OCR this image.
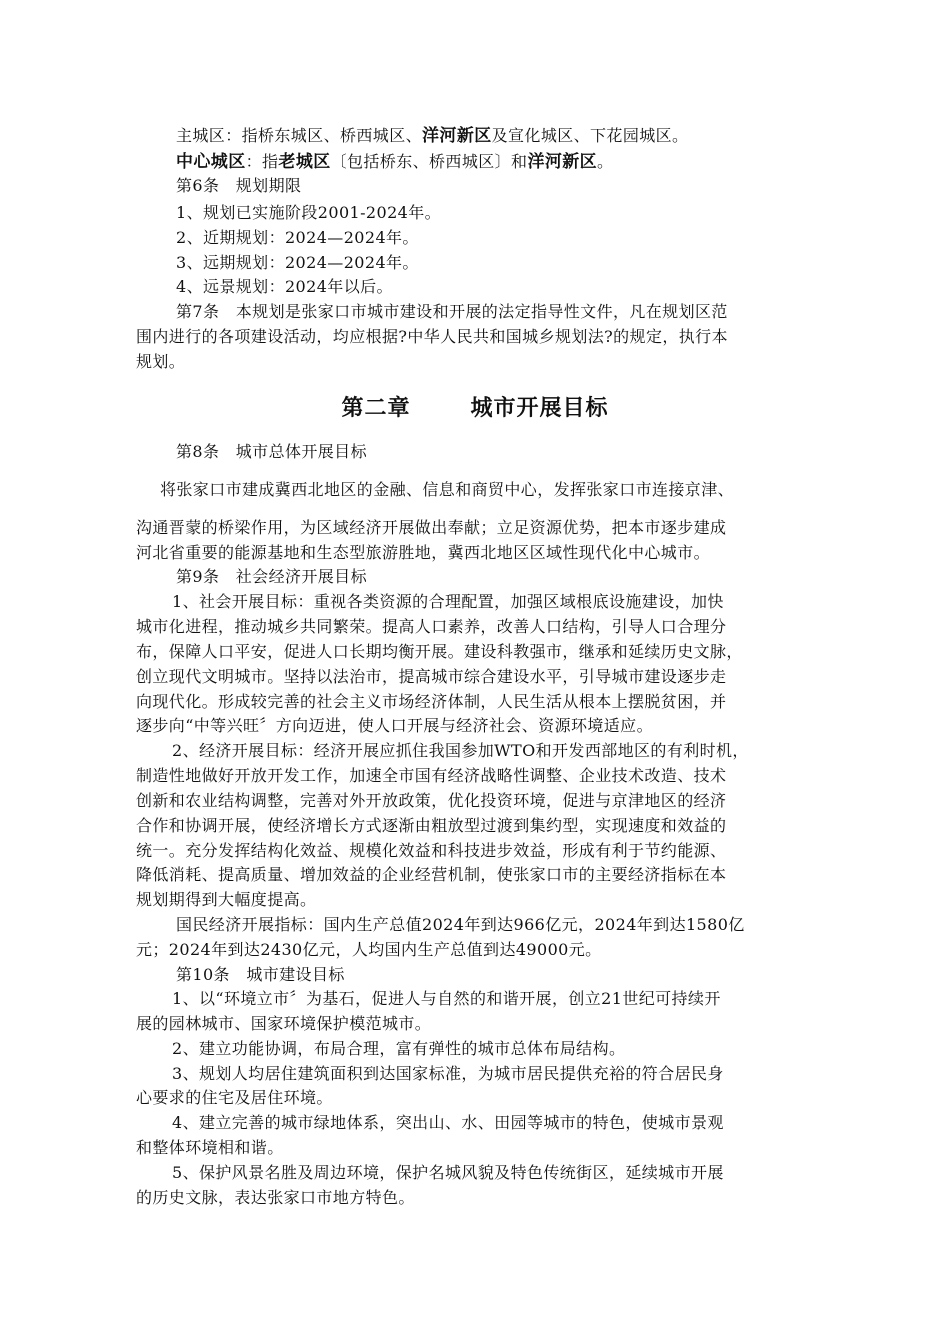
主城区：指桥东城区、桥西城区、洋河新区及宣化城区、下花园城区。
中心城区：指老城区〔包括桥东、桥西城区〕和洋河新区。
第6条　规划期限
1、规划已实施阶段2001-2024年。
2、近期规划：2024—2024年。
3、远期规划：2024—2024年。
4、远景规划：2024年以后。
第7条　本规划是张家口市城市建设和开展的法定指导性文件，凡在规划区范
围内进行的各项建设活动，均应根据?中华人民共和国城乡规划法?的规定，执行本
规划。
第二章	城市开展目标
第8条　城市总体开展目标
将张家口市建成冀西北地区的金融、信息和商贸中心，发挥张家口市连接京津、
沟通晋蒙的桥梁作用，为区域经济开展做出奉献；立足资源优势，把本市逐步建成
河北省重要的能源基地和生态型旅游胜地，冀西北地区区域性现代化中心城市。
第9条　社会经济开展目标
1、社会开展目标：重视各类资源的合理配置，加强区域根底设施建设，加快
城市化进程，推动城乡共同繁荣。提高人口素养，改善人口结构，引导人口合理分
布，保障人口平安，促进人口长期均衡开展。建设科教强市，继承和延续历史文脉，
创立现代文明城市。坚持以法治市，提高城市综合建设水平，引导城市建设逐步走
向现代化。形成较完善的社会主义市场经济体制，人民生活从根本上摆脱贫困，并
逐步向“中等兴旺〞方向迈进，使人口开展与经济社会、资源环境适应。
2、经济开展目标：经济开展应抓住我国参加WTO和开发西部地区的有利时机，
制造性地做好开放开发工作，加速全市国有经济战略性调整、企业技术改造、技术
创新和农业结构调整，完善对外开放政策，优化投资环境，促进与京津地区的经济
合作和协调开展，使经济增长方式逐渐由粗放型过渡到集约型，实现速度和效益的
统一。充分发挥结构化效益、规模化效益和科技进步效益，形成有利于节约能源、
降低消耗、提高质量、增加效益的企业经营机制，使张家口市的主要经济指标在本
规划期得到大幅度提高。
国民经济开展指标：国内生产总值2024年到达966亿元，2024年到达1580亿
元；2024年到达2430亿元，人均国内生产总值到达49000元。
第10条　城市建设目标
1、以“环境立市〞为基石，促进人与自然的和谐开展，创立21世纪可持续开
展的园林城市、国家环境保护模范城市。
2、建立功能协调，布局合理，富有弹性的城市总体布局结构。
3、规划人均居住建筑面积到达国家标准，为城市居民提供充裕的符合居民身
心要求的住宅及居住环境。
4、建立完善的城市绿地体系，突出山、水、田园等城市的特色，使城市景观
和整体环境相和谐。
5、保护风景名胜及周边环境，保护名城风貌及特色传统街区，延续城市开展
的历史文脉，表达张家口市地方特色。
